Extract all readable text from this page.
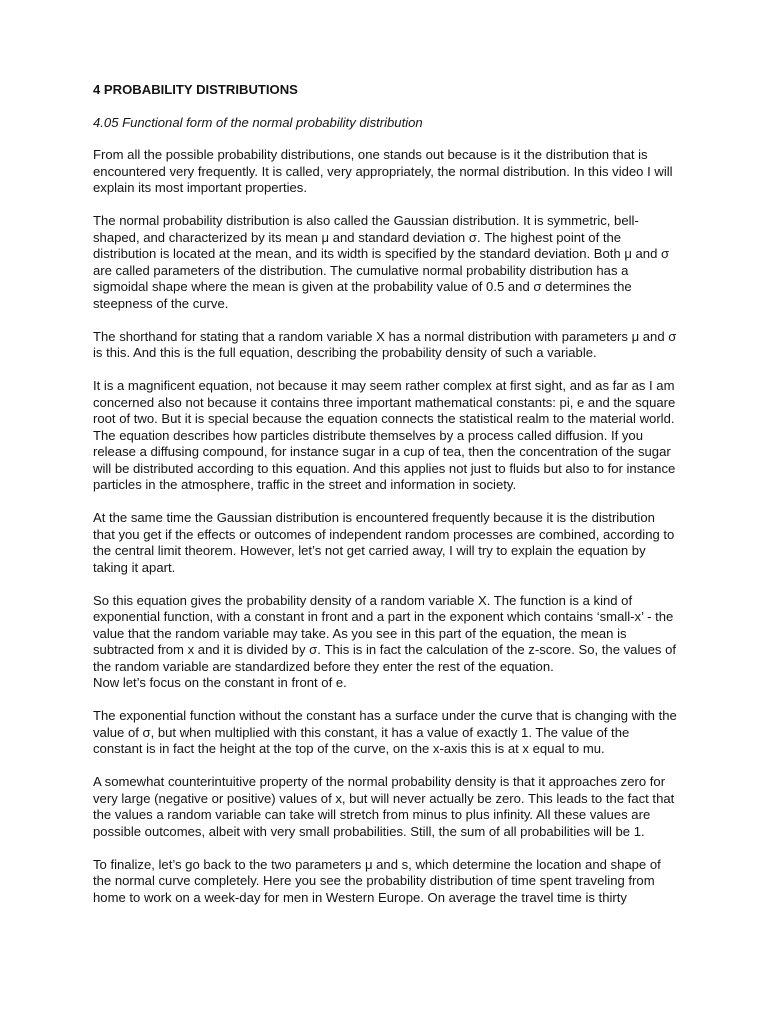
4 PROBABILITY DISTRIBUTIONS
4.05 Functional form of the normal probability distribution
From all the possible probability distributions, one stands out because is it the distribution that is encountered very frequently. It is called, very appropriately, the normal distribution. In this video I will explain its most important properties.
The normal probability distribution is also called the Gaussian distribution. It is symmetric, bell-shaped, and characterized by its mean μ and standard deviation σ. The highest point of the distribution is located at the mean, and its width is specified by the standard deviation. Both μ and σ are called parameters of the distribution. The cumulative normal probability distribution has a sigmoidal shape where the mean is given at the probability value of 0.5 and σ determines the steepness of the curve.
The shorthand for stating that a random variable X has a normal distribution with parameters μ and σ is this. And this is the full equation, describing the probability density of such a variable.
It is a magnificent equation, not because it may seem rather complex at first sight, and as far as I am concerned also not because it contains three important mathematical constants: pi, e and the square root of two. But it is special because the equation connects the statistical realm to the material world. The equation describes how particles distribute themselves by a process called diffusion. If you release a diffusing compound, for instance sugar in a cup of tea, then the concentration of the sugar will be distributed according to this equation. And this applies not just to fluids but also to for instance particles in the atmosphere, traffic in the street and information in society.
At the same time the Gaussian distribution is encountered frequently because it is the distribution that you get if the effects or outcomes of independent random processes are combined, according to the central limit theorem. However, let’s not get carried away, I will try to explain the equation by taking it apart.
So this equation gives the probability density of a random variable X. The function is a kind of exponential function, with a constant in front and a part in the exponent which contains ‘small-x’ - the value that the random variable may take. As you see in this part of the equation, the mean is subtracted from x and it is divided by σ. This is in fact the calculation of the z-score. So, the values of the random variable are standardized before they enter the rest of the equation.
Now let’s focus on the constant in front of e.
The exponential function without the constant has a surface under the curve that is changing with the value of σ, but when multiplied with this constant, it has a value of exactly 1. The value of the constant is in fact the height at the top of the curve, on the x-axis this is at x equal to mu.
A somewhat counterintuitive property of the normal probability density is that it approaches zero for very large (negative or positive) values of x, but will never actually be zero. This leads to the fact that the values a random variable can take will stretch from minus to plus infinity. All these values are possible outcomes, albeit with very small probabilities. Still, the sum of all probabilities will be 1.
To finalize, let’s go back to the two parameters μ and s, which determine the location and shape of the normal curve completely. Here you see the probability distribution of time spent traveling from home to work on a week-day for men in Western Europe. On average the travel time is thirty
